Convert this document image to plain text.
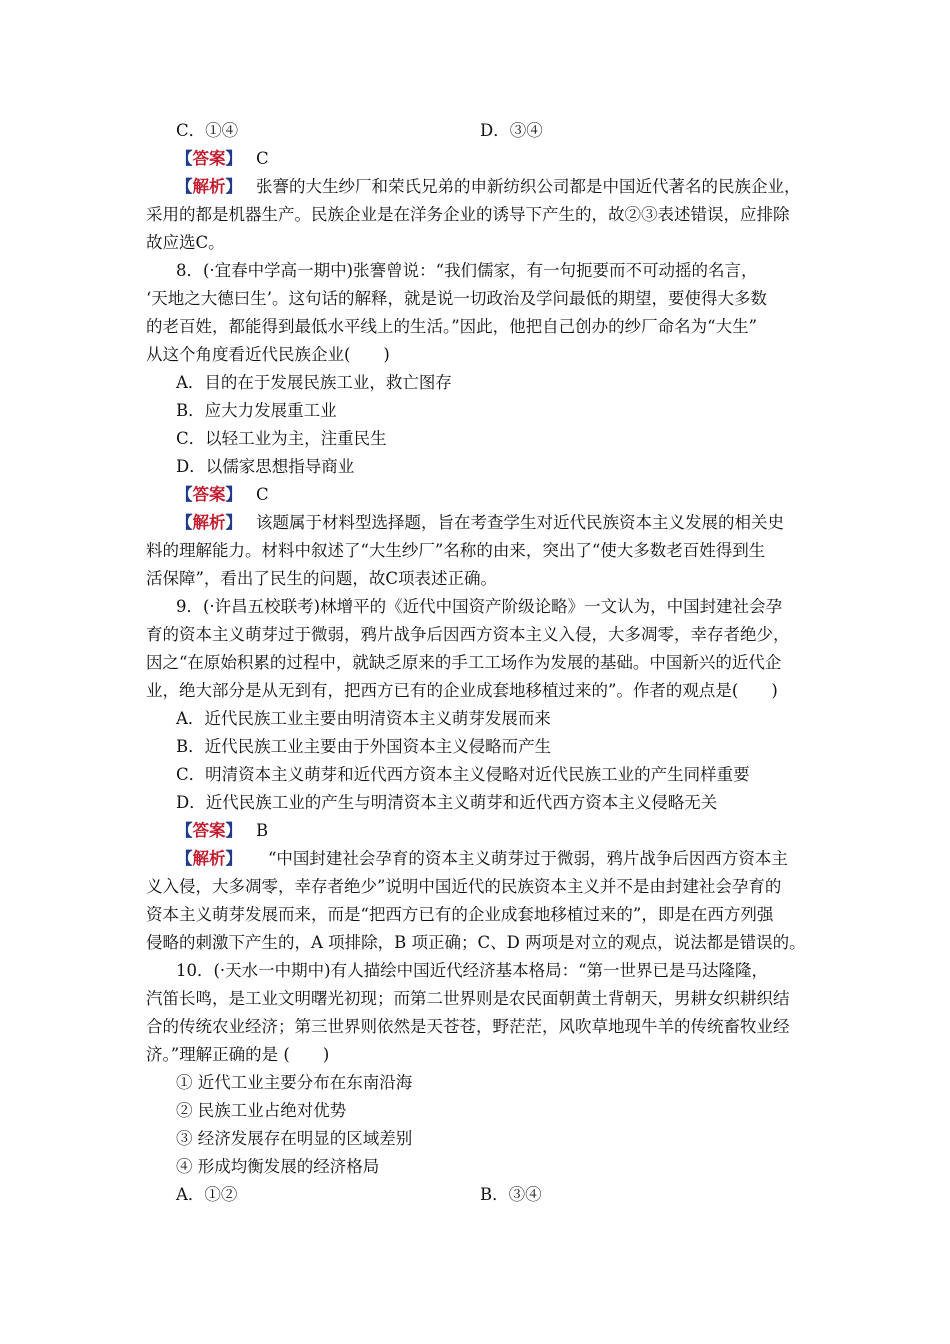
C．①④	D．③④
【答案】 C
【解析】 张謇的大生纱厂和荣氏兄弟的申新纺织公司都是中国近代著名的民族企业，
采用的都是机器生产。民族企业是在洋务企业的诱导下产生的，故②③表述错误，应排除
故应选C。
8．(·宜春中学高一期中)张謇曾说：“我们儒家，有一句扼要而不可动摇的名言，
‘天地之大德曰生’。这句话的解释，就是说一切政治及学问最低的期望，要使得大多数
的老百姓，都能得到最低水平线上的生活。”因此，他把自己创办的纱厂命名为“大生”
从这个角度看近代民族企业(　　)
A．目的在于发展民族工业，救亡图存
B．应大力发展重工业
C．以轻工业为主，注重民生
D．以儒家思想指导商业
【答案】 C
【解析】 该题属于材料型选择题，旨在考查学生对近代民族资本主义发展的相关史
料的理解能力。材料中叙述了“大生纱厂”名称的由来，突出了“使大多数老百姓得到生
活保障”，看出了民生的问题，故C项表述正确。
9．(·许昌五校联考)林增平的《近代中国资产阶级论略》一文认为，中国封建社会孕
育的资本主义萌芽过于微弱，鸦片战争后因西方资本主义入侵，大多凋零，幸存者绝少，
因之“在原始积累的过程中，就缺乏原来的手工工场作为发展的基础。中国新兴的近代企
业，绝大部分是从无到有，把西方已有的企业成套地移植过来的”。作者的观点是(　　)
A．近代民族工业主要由明清资本主义萌芽发展而来
B．近代民族工业主要由于外国资本主义侵略而产生
C．明清资本主义萌芽和近代西方资本主义侵略对近代民族工业的产生同样重要
D．近代民族工业的产生与明清资本主义萌芽和近代西方资本主义侵略无关
【答案】 B
【解析】 “中国封建社会孕育的资本主义萌芽过于微弱，鸦片战争后因西方资本主
义入侵，大多凋零，幸存者绝少”说明中国近代的民族资本主义并不是由封建社会孕育的
资本主义萌芽发展而来，而是“把西方已有的企业成套地移植过来的”，即是在西方列强
侵略的刺激下产生的，A 项排除，B 项正确；C、D 两项是对立的观点，说法都是错误的。
10．(·天水一中期中)有人描绘中国近代经济基本格局：“第一世界已是马达隆隆，
汽笛长鸣，是工业文明曙光初现；而第二世界则是农民面朝黄土背朝天，男耕女织耕织结
合的传统农业经济；第三世界则依然是天苍苍，野茫茫，风吹草地现牛羊的传统畜牧业经
济。”理解正确的是 (　　)
① 近代工业主要分布在东南沿海
② 民族工业占绝对优势
③ 经济发展存在明显的区域差别
④ 形成均衡发展的经济格局
A．①②	B．③④
